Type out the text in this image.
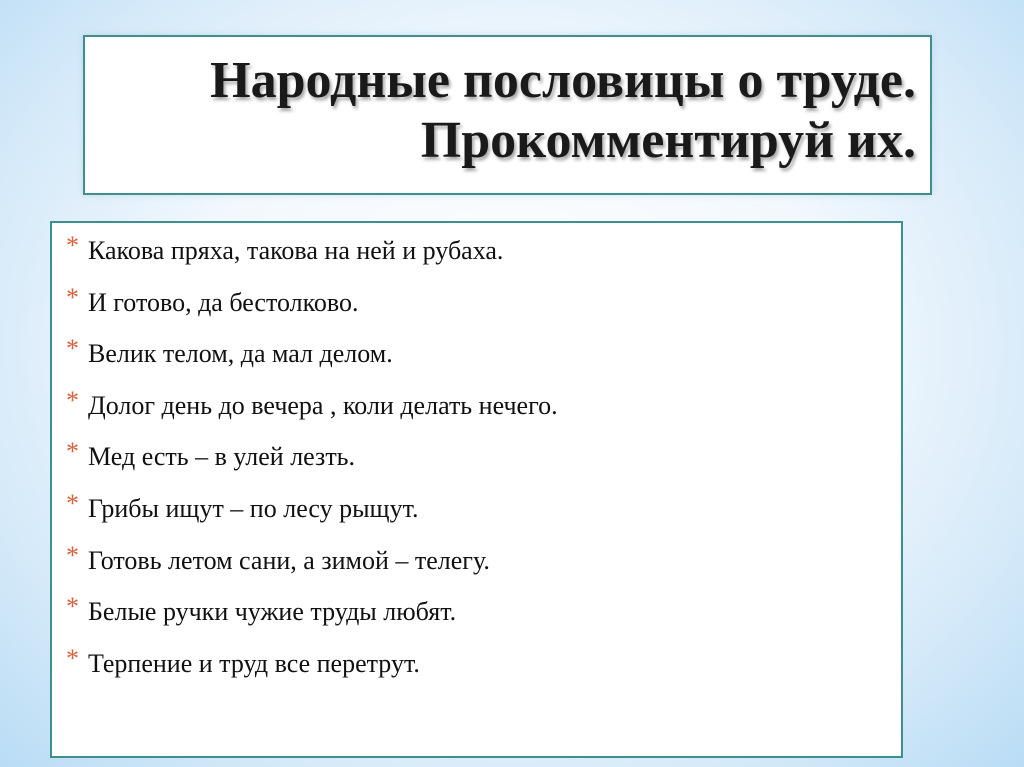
Народные пословицы о труде.
Прокомментируй их.
* Какова пряха, такова на ней и рубаха.
* И готово, да бестолково.
* Велик телом, да мал делом.
* Долог день до вечера , коли делать нечего.
* Мед есть – в улей лезть.
* Грибы ищут – по лесу рыщут.
* Готовь летом сани, а зимой – телегу.
* Белые ручки чужие труды любят.
* Терпение и труд все перетрут.
